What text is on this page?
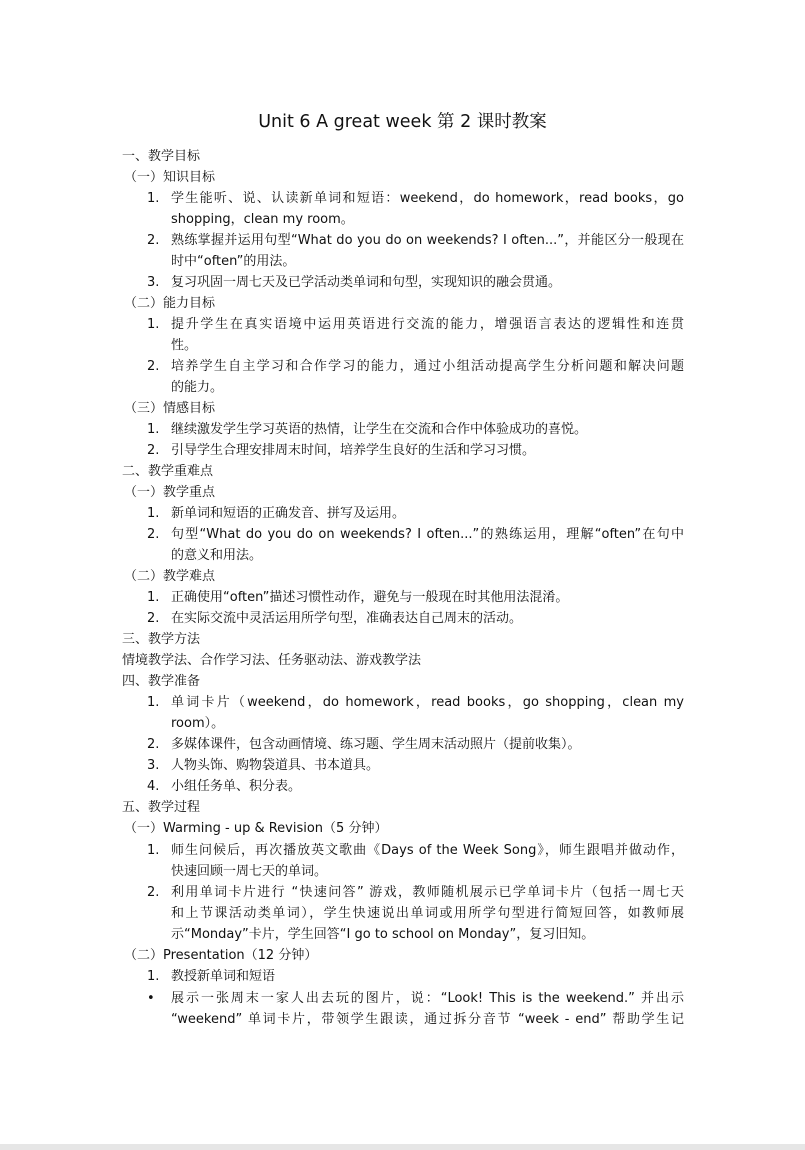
Unit 6 A great week 第 2 课时教案
一、教学目标
（一）知识目标
1. 学生能听、说、认读新单词和短语：weekend，do homework，read books，go
shopping，clean my room。
2. 熟练掌握并运用句型“What do you do on weekends? I often...”，并能区分一般现在
时中“often”的用法。
3. 复习巩固一周七天及已学活动类单词和句型，实现知识的融会贯通。
（二）能力目标
1. 提升学生在真实语境中运用英语进行交流的能力，增强语言表达的逻辑性和连贯
性。
2. 培养学生自主学习和合作学习的能力，通过小组活动提高学生分析问题和解决问题
的能力。
（三）情感目标
1. 继续激发学生学习英语的热情，让学生在交流和合作中体验成功的喜悦。
2. 引导学生合理安排周末时间，培养学生良好的生活和学习习惯。
二、教学重难点
（一）教学重点
1. 新单词和短语的正确发音、拼写及运用。
2. 句型“What do you do on weekends? I often...”的熟练运用，理解“often”在句中
的意义和用法。
（二）教学难点
1. 正确使用“often”描述习惯性动作，避免与一般现在时其他用法混淆。
2. 在实际交流中灵活运用所学句型，准确表达自己周末的活动。
三、教学方法
情境教学法、合作学习法、任务驱动法、游戏教学法
四、教学准备
1. 单词卡片（weekend，do homework，read books，go shopping，clean my
room）。
2. 多媒体课件，包含动画情境、练习题、学生周末活动照片（提前收集）。
3. 人物头饰、购物袋道具、书本道具。
4. 小组任务单、积分表。
五、教学过程
（一）Warming - up & Revision（5 分钟）
1. 师生问候后，再次播放英文歌曲《Days of the Week Song》，师生跟唱并做动作，
快速回顾一周七天的单词。
2. 利用单词卡片进行 “快速问答” 游戏，教师随机展示已学单词卡片（包括一周七天
和上节课活动类单词），学生快速说出单词或用所学句型进行简短回答，如教师展
示“Monday”卡片，学生回答“I go to school on Monday”，复习旧知。
（二）Presentation（12 分钟）
1. 教授新单词和短语
• 展示一张周末一家人出去玩的图片，说：“Look! This is the weekend.” 并出示
“weekend” 单词卡片，带领学生跟读，通过拆分音节 “week - end” 帮助学生记
